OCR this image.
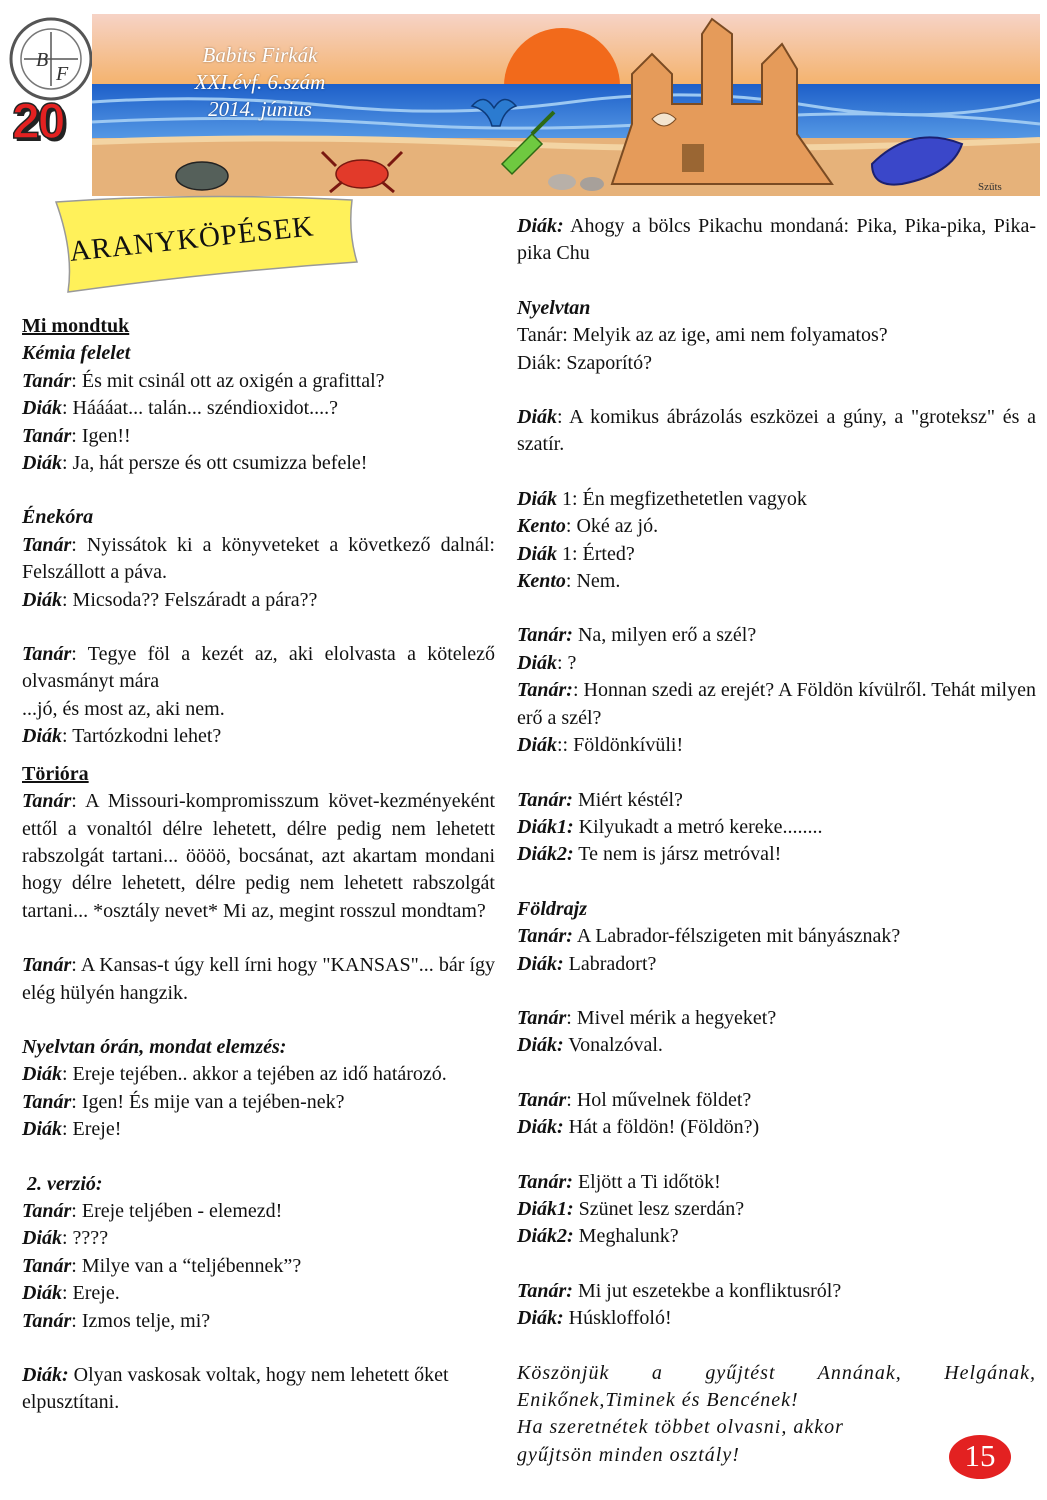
B
F
20
Szűts
Babits Firkák
XXI.évf. 6.szám
2014. június
ARANYKÖPÉSEK

Mi mondtuk

Kémia felelet

Tanár: És mit csinál ott az oxigén a grafittal?

Diák: Háááat... talán... széndioxidot....?

Tanár: Igen!!

Diák: Ja, hát persze és ott csumizza befele!

Énekóra

Tanár: Nyissátok ki a könyveteket a következő dalnál: Felszállott a páva.

Diák: Micsoda?? Felszáradt a pára??

Tanár: Tegye föl a kezét az, aki elolvasta a kötelező olvasmányt mára

...jó, és most az, aki nem.

Diák: Tartózkodni lehet?

Törióra

Tanár: A Missouri-kompromisszum követ-kezményeként ettől a vonaltól délre lehetett, délre pedig nem lehetett rabszolgát tartani... öööö, bocsánat, azt akartam mondani hogy délre lehetett, délre pedig nem lehetett rabszolgát tartani... *osztály nevet* Mi az, megint rosszul mondtam?

Tanár: A Kansas-t úgy kell írni hogy "KANSAS"... bár így elég hülyén hangzik.

Nyelvtan órán, mondat elemzés:

Diák: Ereje tejében.. akkor a tejében az idő határozó.

Tanár: Igen! És mije van a tejében-nek?

Diák: Ereje!

2. verzió:

Tanár: Ereje teljében - elemezd!

Diák: ????

Tanár: Milye van a “teljébennek”?

Diák: Ereje.

Tanár: Izmos telje, mi?

Diák: Olyan vaskosak voltak, hogy nem lehetett őket elpusztítani.

Diák: Ahogy a bölcs Pikachu mondaná: Pika, Pika-pika, Pika-pika Chu

Nyelvtan

Tanár: Melyik az az ige, ami nem folyamatos?

Diák: Szaporító?

Diák: A komikus ábrázolás eszközei a gúny, a "groteksz" és a szatír.

Diák 1: Én megfizethetetlen vagyok

Kento: Oké az jó.

Diák 1: Érted?

Kento: Nem.

Tanár: Na, milyen erő a szél?

Diák: ?

Tanár:: Honnan szedi az erejét? A Földön kívülről. Tehát milyen erő a szél?

Diák:: Földönkívüli!

Tanár: Miért késtél?

Diák1: Kilyukadt a metró kereke........

Diák2: Te nem is jársz metróval!

Földrajz

Tanár: A Labrador-félszigeten mit bányásznak?

Diák: Labradort?

Tanár: Mivel mérik a hegyeket?

Diák: Vonalzóval.

Tanár: Hol művelnek földet?

Diák: Hát a földön! (Földön?)

Tanár: Eljött a Ti időtök!

Diák1: Szünet lesz szerdán?

Diák2: Meghalunk?

Tanár: Mi jut eszetekbe a konfliktusról?

Diák: Húskloffoló!

Köszönjük a gyűjtést Annának, Helgának, Enikőnek,Timinek és Bencének!

Ha szeretnétek többet olvasni, akkor gyűjtsön minden osztály!	15
